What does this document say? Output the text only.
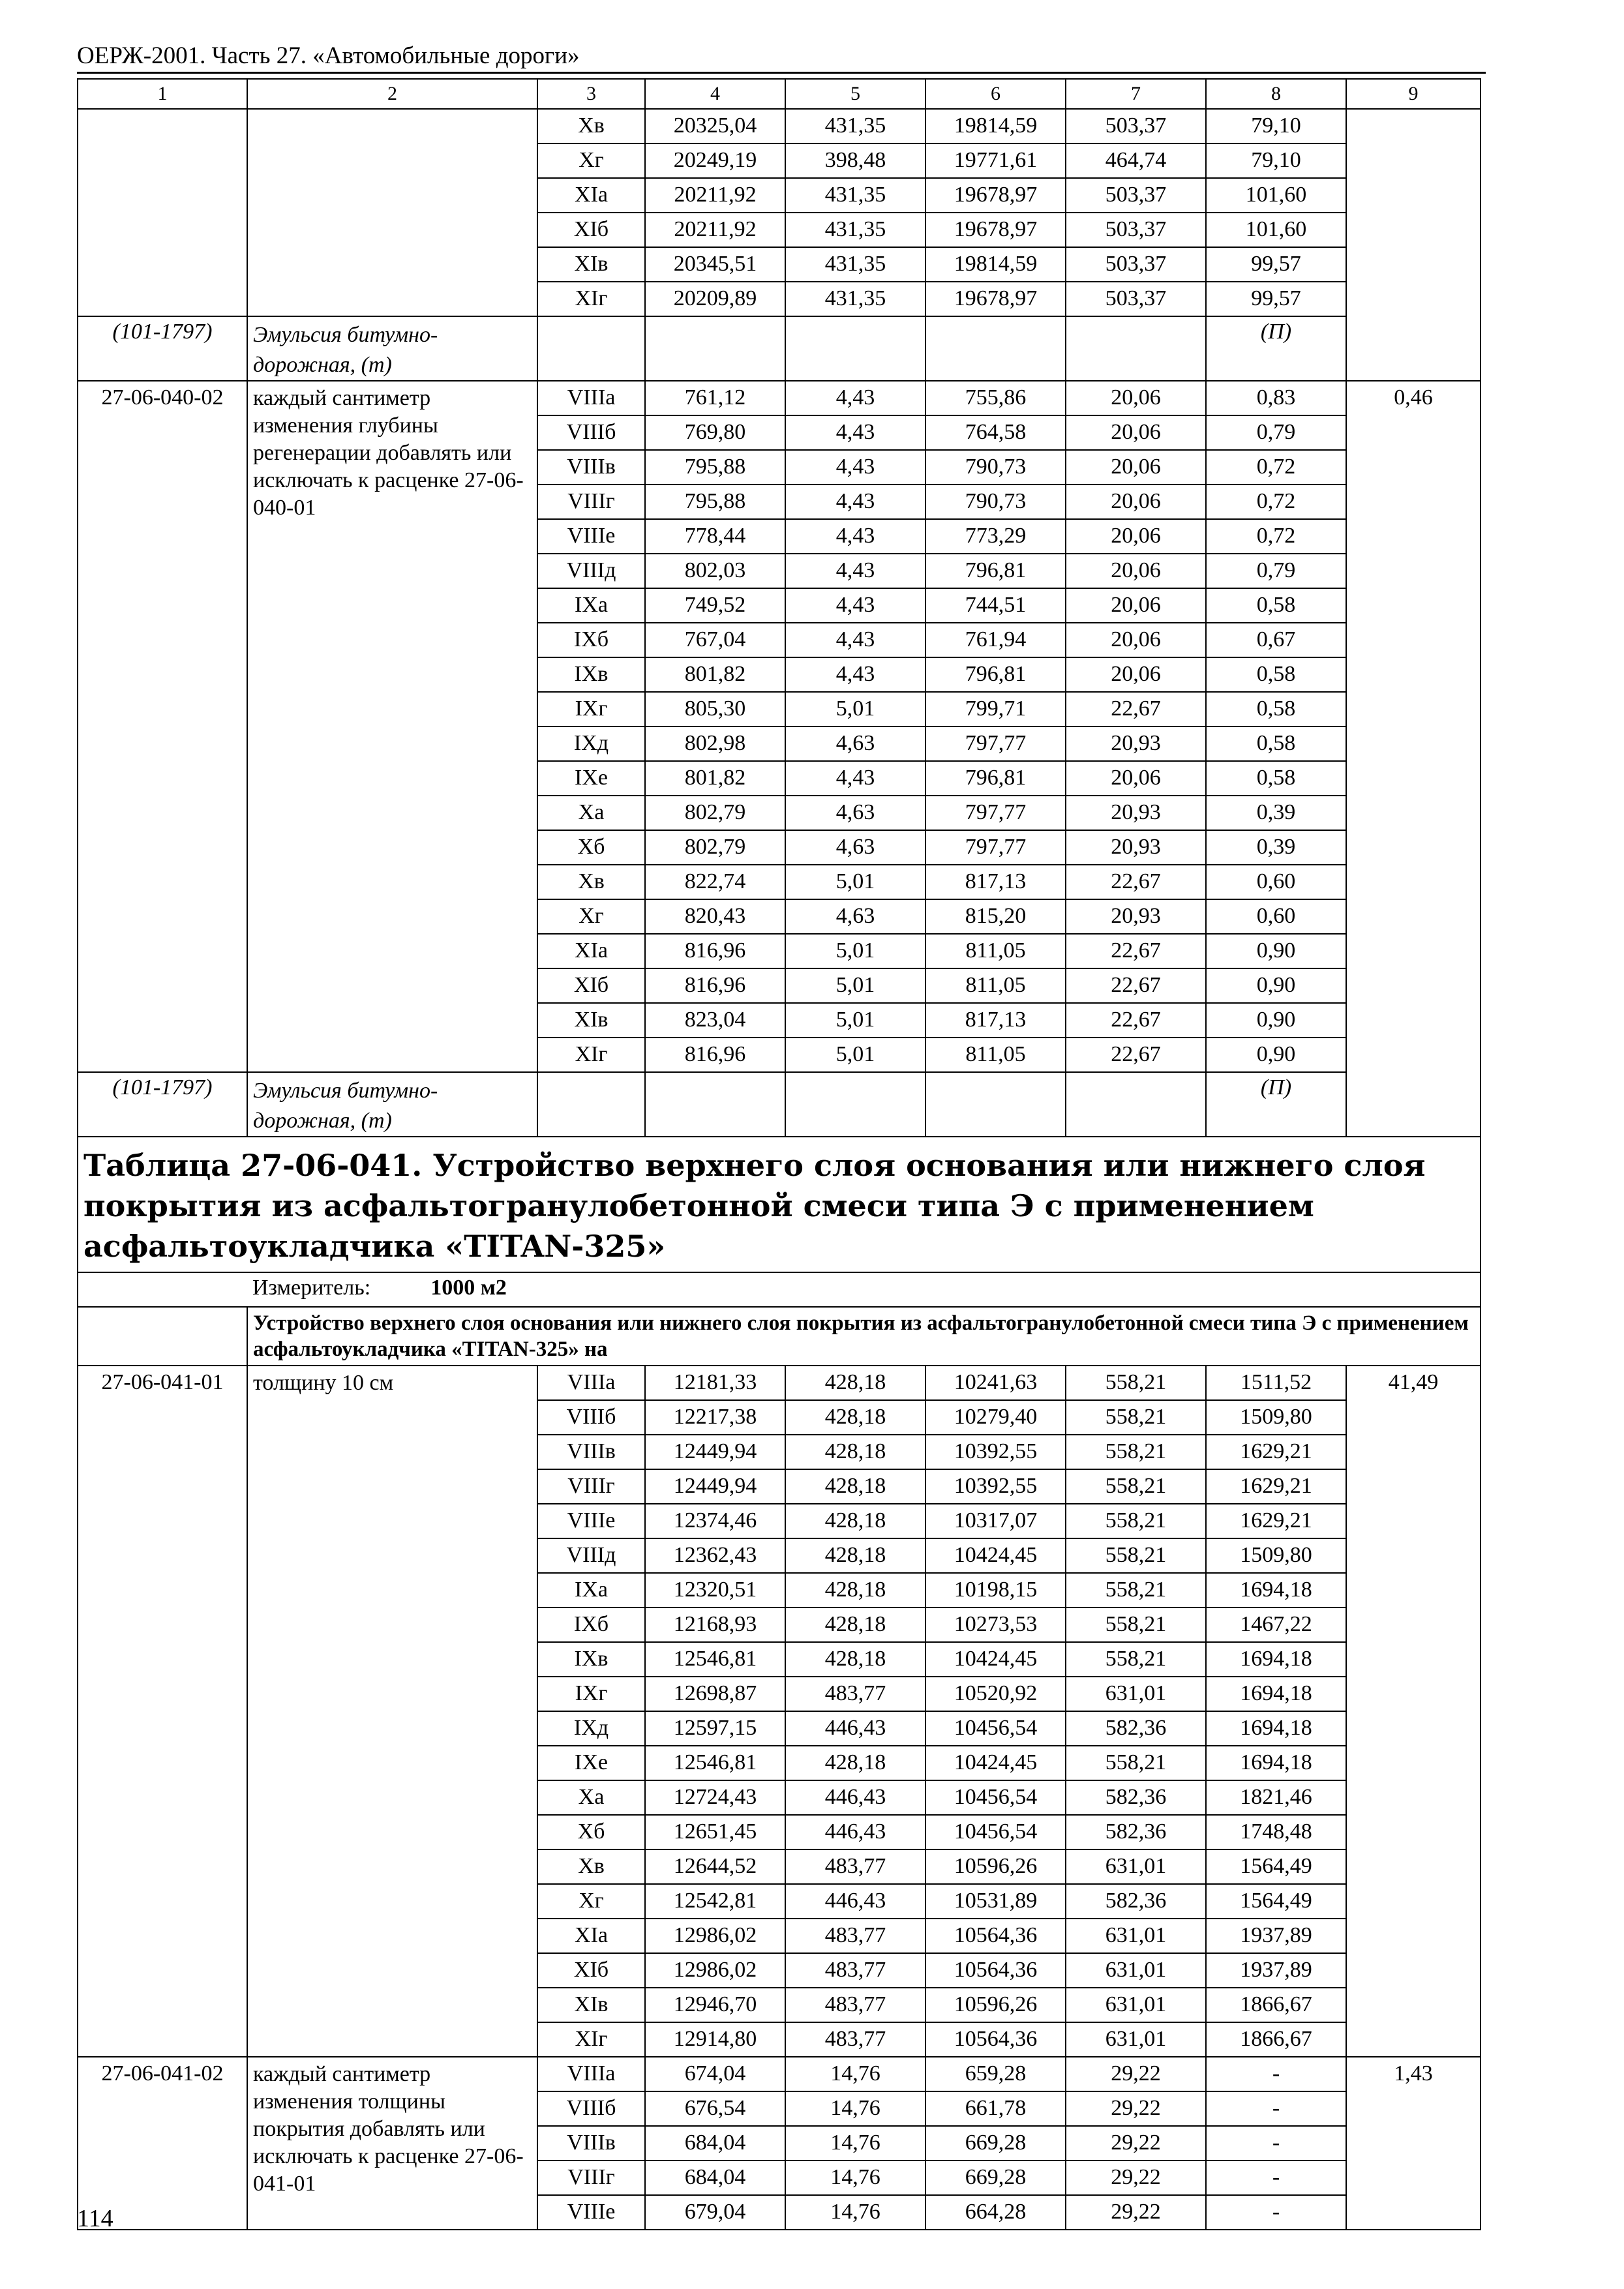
ОЕРЖ-2001. Часть 27. «Автомобильные дороги»
1	2	3	4	5	6	7	8	9
		Xв	20325,04	431,35	19814,59	503,37	79,10	
		Xг	20249,19	398,48	19771,61	464,74	79,10	
		XIа	20211,92	431,35	19678,97	503,37	101,60	
		XIб	20211,92	431,35	19678,97	503,37	101,60	
		XIв	20345,51	431,35	19814,59	503,37	99,57	
		XIг	20209,89	431,35	19678,97	503,37	99,57	
(101-1797)	Эмульсия битумно-дорожная, (т)						(П)	
27-06-040-02	каждый сантиметр изменения глубины регенерации добавлять или исключать к расценке 27-06-040-01	VIIIа	761,12	4,43	755,86	20,06	0,83	0,46
		VIIIб	769,80	4,43	764,58	20,06	0,79	
		VIIIв	795,88	4,43	790,73	20,06	0,72	
		VIIIг	795,88	4,43	790,73	20,06	0,72	
		VIIIе	778,44	4,43	773,29	20,06	0,72	
		VIIIд	802,03	4,43	796,81	20,06	0,79	
		IXа	749,52	4,43	744,51	20,06	0,58	
		IXб	767,04	4,43	761,94	20,06	0,67	
		IXв	801,82	4,43	796,81	20,06	0,58	
		IXг	805,30	5,01	799,71	22,67	0,58	
		IXд	802,98	4,63	797,77	20,93	0,58	
		IXе	801,82	4,43	796,81	20,06	0,58	
		Xа	802,79	4,63	797,77	20,93	0,39	
		Xб	802,79	4,63	797,77	20,93	0,39	
		Xв	822,74	5,01	817,13	22,67	0,60	
		Xг	820,43	4,63	815,20	20,93	0,60	
		XIа	816,96	5,01	811,05	22,67	0,90	
		XIб	816,96	5,01	811,05	22,67	0,90	
		XIв	823,04	5,01	817,13	22,67	0,90	
		XIг	816,96	5,01	811,05	22,67	0,90	
(101-1797)	Эмульсия битумно-дорожная, (т)						(П)	
Таблица 27-06-041. Устройство верхнего слоя основания или нижнего слоя покрытия из асфальтогранулобетонной смеси типа Э с применением асфальтоукладчика «TITAN-325»								
	Измеритель: 1000 м2							
	Устройство верхнего слоя основания или нижнего слоя покрытия из асфальтогранулобетонной смеси типа Э с применением асфальтоукладчика «TITAN-325» на							
27-06-041-01	толщину 10 см	VIIIа	12181,33	428,18	10241,63	558,21	1511,52	41,49
		VIIIб	12217,38	428,18	10279,40	558,21	1509,80	
		VIIIв	12449,94	428,18	10392,55	558,21	1629,21	
		VIIIг	12449,94	428,18	10392,55	558,21	1629,21	
		VIIIе	12374,46	428,18	10317,07	558,21	1629,21	
		VIIIд	12362,43	428,18	10424,45	558,21	1509,80	
		IXа	12320,51	428,18	10198,15	558,21	1694,18	
		IXб	12168,93	428,18	10273,53	558,21	1467,22	
		IXв	12546,81	428,18	10424,45	558,21	1694,18	
		IXг	12698,87	483,77	10520,92	631,01	1694,18	
		IXд	12597,15	446,43	10456,54	582,36	1694,18	
		IXе	12546,81	428,18	10424,45	558,21	1694,18	
		Xа	12724,43	446,43	10456,54	582,36	1821,46	
		Xб	12651,45	446,43	10456,54	582,36	1748,48	
		Xв	12644,52	483,77	10596,26	631,01	1564,49	
		Xг	12542,81	446,43	10531,89	582,36	1564,49	
		XIа	12986,02	483,77	10564,36	631,01	1937,89	
		XIб	12986,02	483,77	10564,36	631,01	1937,89	
		XIв	12946,70	483,77	10596,26	631,01	1866,67	
		XIг	12914,80	483,77	10564,36	631,01	1866,67	
27-06-041-02	каждый сантиметр изменения толщины покрытия добавлять или исключать к расценке 27-06-041-01	VIIIа	674,04	14,76	659,28	29,22	-	1,43
		VIIIб	676,54	14,76	661,78	29,22	-	
		VIIIв	684,04	14,76	669,28	29,22	-	
		VIIIг	684,04	14,76	669,28	29,22	-	
		VIIIе	679,04	14,76	664,28	29,22	-	
114
